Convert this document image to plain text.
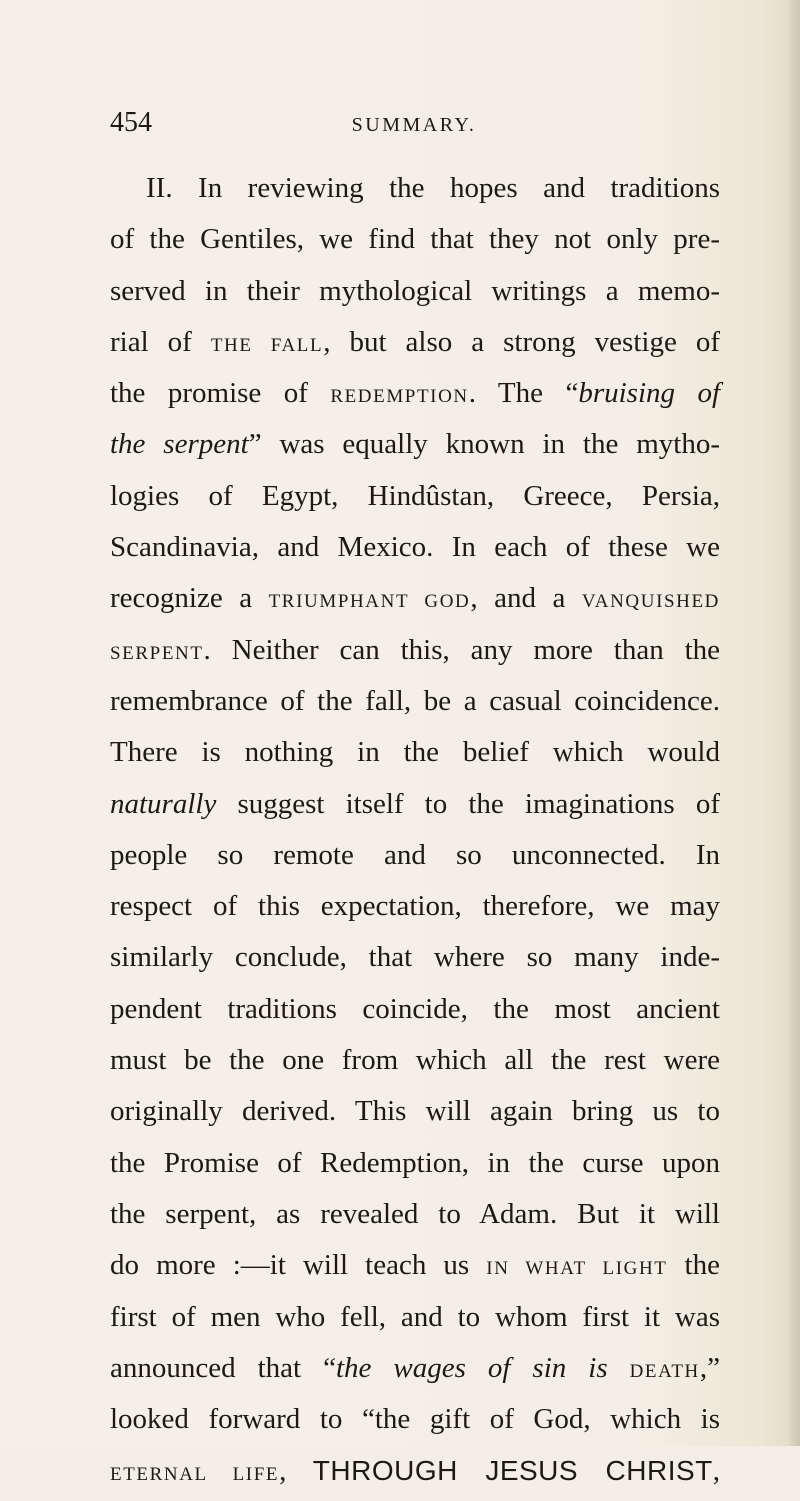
454	SUMMARY.
II. In reviewing the hopes and traditions
of the Gentiles, we find that they not only pre-
served in their mythological writings a memo-
rial of THE FALL, but also a strong vestige of
the promise of REDEMPTION. The “bruising of
the serpent” was equally known in the mytho-
logies of Egypt, Hindûstan, Greece, Persia,
Scandinavia, and Mexico. In each of these we
recognize a TRIUMPHANT GOD, and a VANQUISHED
SERPENT. Neither can this, any more than the
remembrance of the fall, be a casual coincidence.
There is nothing in the belief which would
naturally suggest itself to the imaginations of
people so remote and so unconnected. In
respect of this expectation, therefore, we may
similarly conclude, that where so many inde-
pendent traditions coincide, the most ancient
must be the one from which all the rest were
originally derived. This will again bring us to
the Promise of Redemption, in the curse upon
the serpent, as revealed to Adam. But it will
do more :—it will teach us IN WHAT LIGHT the
first of men who fell, and to whom first it was
announced that “the wages of sin is DEATH,”
looked forward to “the gift of God, which is
ETERNAL LIFE, THROUGH JESUS CHRIST,
